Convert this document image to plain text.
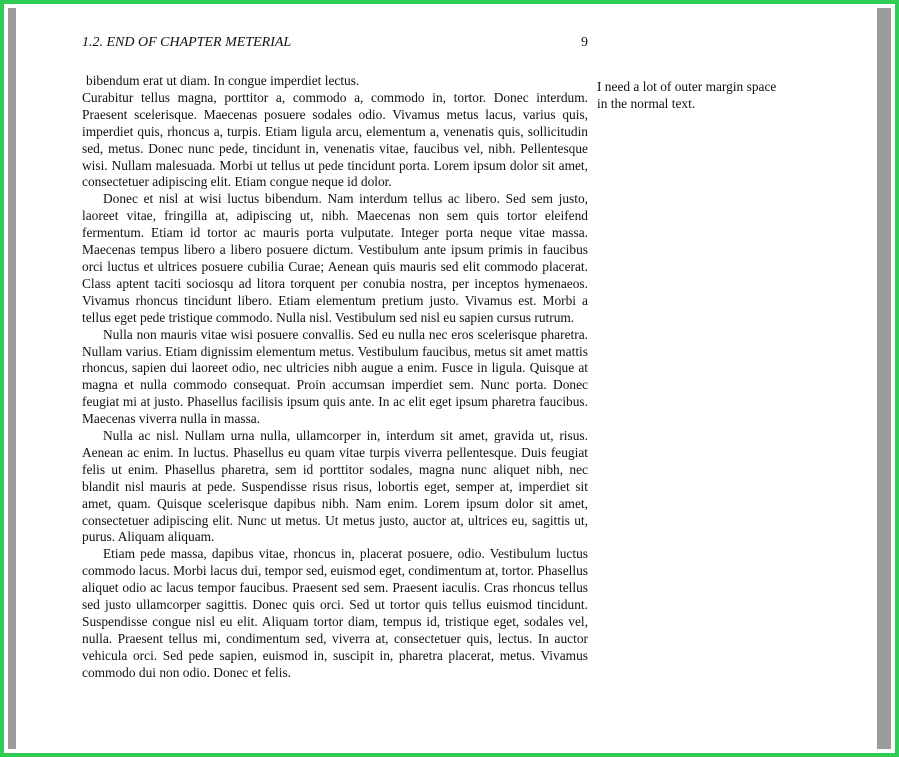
1.2. END OF CHAPTER METERIAL	9

bibendum erat ut diam. In congue imperdiet lectus.

Curabitur tellus magna, porttitor a, commodo a, commodo in, tortor. Donec interdum. Praesent scelerisque. Maecenas posuere sodales odio. Vivamus metus lacus, varius quis, imperdiet quis, rhoncus a, turpis. Etiam ligula arcu, elementum a, venenatis quis, sollicitudin sed, metus. Donec nunc pede, tincidunt in, venenatis vitae, faucibus vel, nibh. Pellentesque wisi. Nullam malesuada. Morbi ut tellus ut pede tincidunt porta. Lorem ipsum dolor sit amet, consectetuer adipiscing elit. Etiam congue neque id dolor.

Donec et nisl at wisi luctus bibendum. Nam interdum tellus ac libero. Sed sem justo, laoreet vitae, fringilla at, adipiscing ut, nibh. Maecenas non sem quis tortor eleifend fermentum. Etiam id tortor ac mauris porta vulputate. Integer porta neque vitae massa. Maecenas tempus libero a libero posuere dictum. Vestibulum ante ipsum primis in faucibus orci luctus et ultrices posuere cubilia Curae; Aenean quis mauris sed elit commodo placerat. Class aptent taciti sociosqu ad litora torquent per conubia nostra, per inceptos hymenaeos. Vivamus rhoncus tincidunt libero. Etiam elementum pretium justo. Vivamus est. Morbi a tellus eget pede tristique commodo. Nulla nisl. Vestibulum sed nisl eu sapien cursus rutrum.

Nulla non mauris vitae wisi posuere convallis. Sed eu nulla nec eros scelerisque pharetra. Nullam varius. Etiam dignissim elementum metus. Vestibulum faucibus, metus sit amet mattis rhoncus, sapien dui laoreet odio, nec ultricies nibh augue a enim. Fusce in ligula. Quisque at magna et nulla commodo consequat. Proin accumsan imperdiet sem. Nunc porta. Donec feugiat mi at justo. Phasellus facilisis ipsum quis ante. In ac elit eget ipsum pharetra faucibus. Maecenas viverra nulla in massa.

Nulla ac nisl. Nullam urna nulla, ullamcorper in, interdum sit amet, gravida ut, risus. Aenean ac enim. In luctus. Phasellus eu quam vitae turpis viverra pellentesque. Duis feugiat felis ut enim. Phasellus pharetra, sem id porttitor sodales, magna nunc aliquet nibh, nec blandit nisl mauris at pede. Suspendisse risus risus, lobortis eget, semper at, imperdiet sit amet, quam. Quisque scelerisque dapibus nibh. Nam enim. Lorem ipsum dolor sit amet, consectetuer adipiscing elit. Nunc ut metus. Ut metus justo, auctor at, ultrices eu, sagittis ut, purus. Aliquam aliquam.

Etiam pede massa, dapibus vitae, rhoncus in, placerat posuere, odio. Vestibulum luctus commodo lacus. Morbi lacus dui, tempor sed, euismod eget, condimentum at, tortor. Phasellus aliquet odio ac lacus tempor faucibus. Praesent sed sem. Praesent iaculis. Cras rhoncus tellus sed justo ullamcorper sagittis. Donec quis orci. Sed ut tortor quis tellus euismod tincidunt. Suspendisse congue nisl eu elit. Aliquam tortor diam, tempus id, tristique eget, sodales vel, nulla. Praesent tellus mi, condimentum sed, viverra at, consectetuer quis, lectus. In auctor vehicula orci. Sed pede sapien, euismod in, suscipit in, pharetra placerat, metus. Vivamus commodo dui non odio. Donec et felis.

I need a lot of outer margin space in the normal text.
